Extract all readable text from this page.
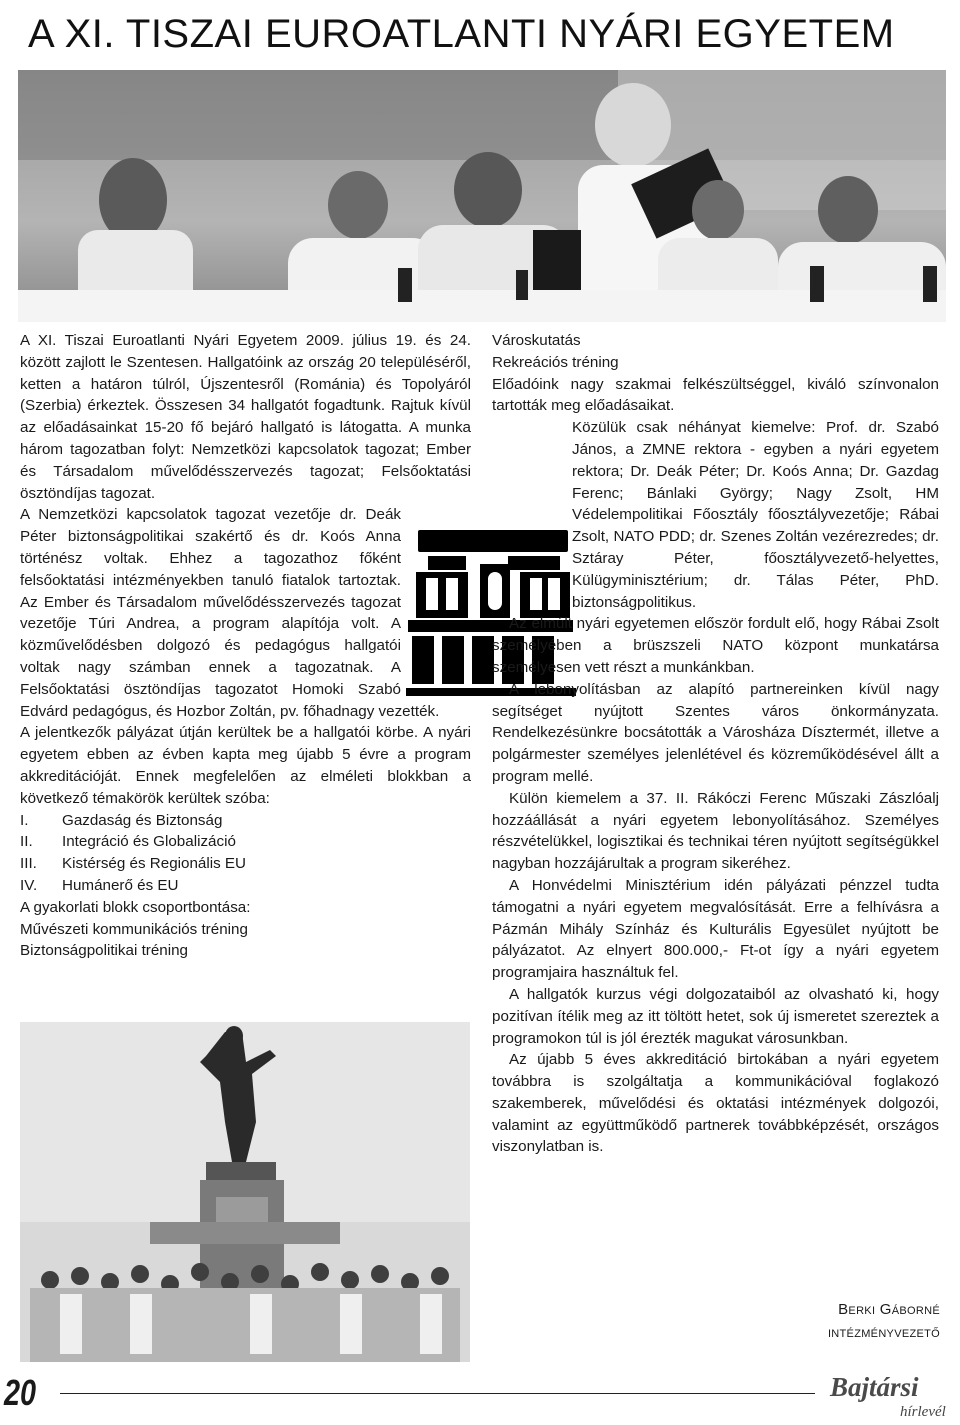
A XI. TISZAI EUROATLANTI NYÁRI EGYETEM

A XI. Tiszai Euroatlanti Nyári Egyetem 2009. július 19. és 24. között zajlott le Szentesen. Hallgatóink az ország 20 településéről, ketten a határon túlról, Újszentesről (Románia) és Topolyáról (Szerbia) érkeztek. Összesen 34 hallgatót fogadtunk. Rajtuk kívül az előadásainkat 15-20 fő bejáró hallgató is látogatta. A munka három tagozatban folyt: Nemzetközi kapcsolatok tagozat; Ember és Társadalom művelődésszervezés tagozat; Felsőoktatási ösztöndíjas tagozat.

A Nemzetközi kapcsolatok tagozat vezetője dr. Deák Péter biztonságpolitikai szakértő és dr. Koós Anna történész voltak. Ehhez a tagozathoz főként felsőoktatási intézményekben tanuló fiatalok tartoztak. Az Ember és Társadalom művelődésszervezés tagozat vezetője Túri Andrea, a program alapítója volt. A közművelődésben dolgozó és pedagógus hallgatói voltak nagy számban ennek a tagozatnak. A Felsőoktatási ösztöndíjas tagozatot Homoki Szabó Edvárd pedagógus, és Hozbor Zoltán, pv. főhadnagy vezették.

A jelentkezők pályázat útján kerültek be a hallgatói körbe. A nyári egyetem ebben az évben kapta meg újabb 5 évre a program akkreditációját. Ennek megfelelően az elméleti blokkban a következő témakörök kerültek szóba:

I.	Gazdaság és Biztonság
II.	Integráció és Globalizáció
III.	Kistérség és Regionális EU
IV.	Humánerő és EU

A gyakorlati blokk csoportbontása:

Művészeti kommunikációs tréning

Biztonságpolitikai tréning

Városkutatás

Rekreációs tréning

Előadóink nagy szakmai felkészültséggel, kiváló színvonalon tartották meg előadásaikat.

Közülük csak néhányat kiemelve: Prof. dr. Szabó János, a ZMNE rektora - egyben a nyári egyetem rektora; Dr. Deák Péter; Dr. Koós Anna; Dr. Gazdag Ferenc; Bánlaki György; Nagy Zsolt, HM Védelempolitikai Főosztály főosztályvezetője; Rábai Zsolt, NATO PDD; dr. Szenes Zoltán vezérezredes; dr. Sztáray Péter, főosztályvezető-helyettes, Külügyminisztérium; dr. Tálas Péter, PhD. biztonságpolitikus.

Az elmúlt nyári egyetemen először fordult elő, hogy Rábai Zsolt személyében a brüszszeli NATO központ munkatársa személyesen vett részt a munkánkban.

A lebonyolításban az alapító partnereinken kívül nagy segítséget nyújtott Szentes város önkormányzata. Rendelkezésünkre bocsátották a Városháza Dísztermét, illetve a polgármester személyes jelenlétével és közreműködésével állt a program mellé.

Külön kiemelem a 37. II. Rákóczi Ferenc Műszaki Zászlóalj hozzáállását a nyári egyetem lebonyolításához. Személyes részvételükkel, logisztikai és technikai téren nyújtott segítségükkel nagyban hozzájárultak a program sikeréhez.

A Honvédelmi Minisztérium idén pályázati pénzzel tudta támogatni a nyári egyetem megvalósítását. Erre a felhívásra a Pázmán Mihály Színház és Kulturális Egyesület nyújtott be pályázatot. Az elnyert 800.000,- Ft-ot így a nyári egyetem programjaira használtuk fel.

A hallgatók kurzus végi dolgozataiból az olvasható ki, hogy pozitívan ítélik meg az itt töltött hetet, sok új ismeretet szereztek a programokon túl is jól érezték magukat városunkban.

Az újabb 5 éves akkreditáció birtokában a nyári egyetem továbbra is szolgáltatja a kommunikációval foglakozó szakemberek, művelődési és oktatási intézmények dolgozói, valamint az együttműködő partnerek továbbképzését, országos viszonylatban is.

Berki Gáborné
intézményvezető
20	Bajtársi
hírlevél
